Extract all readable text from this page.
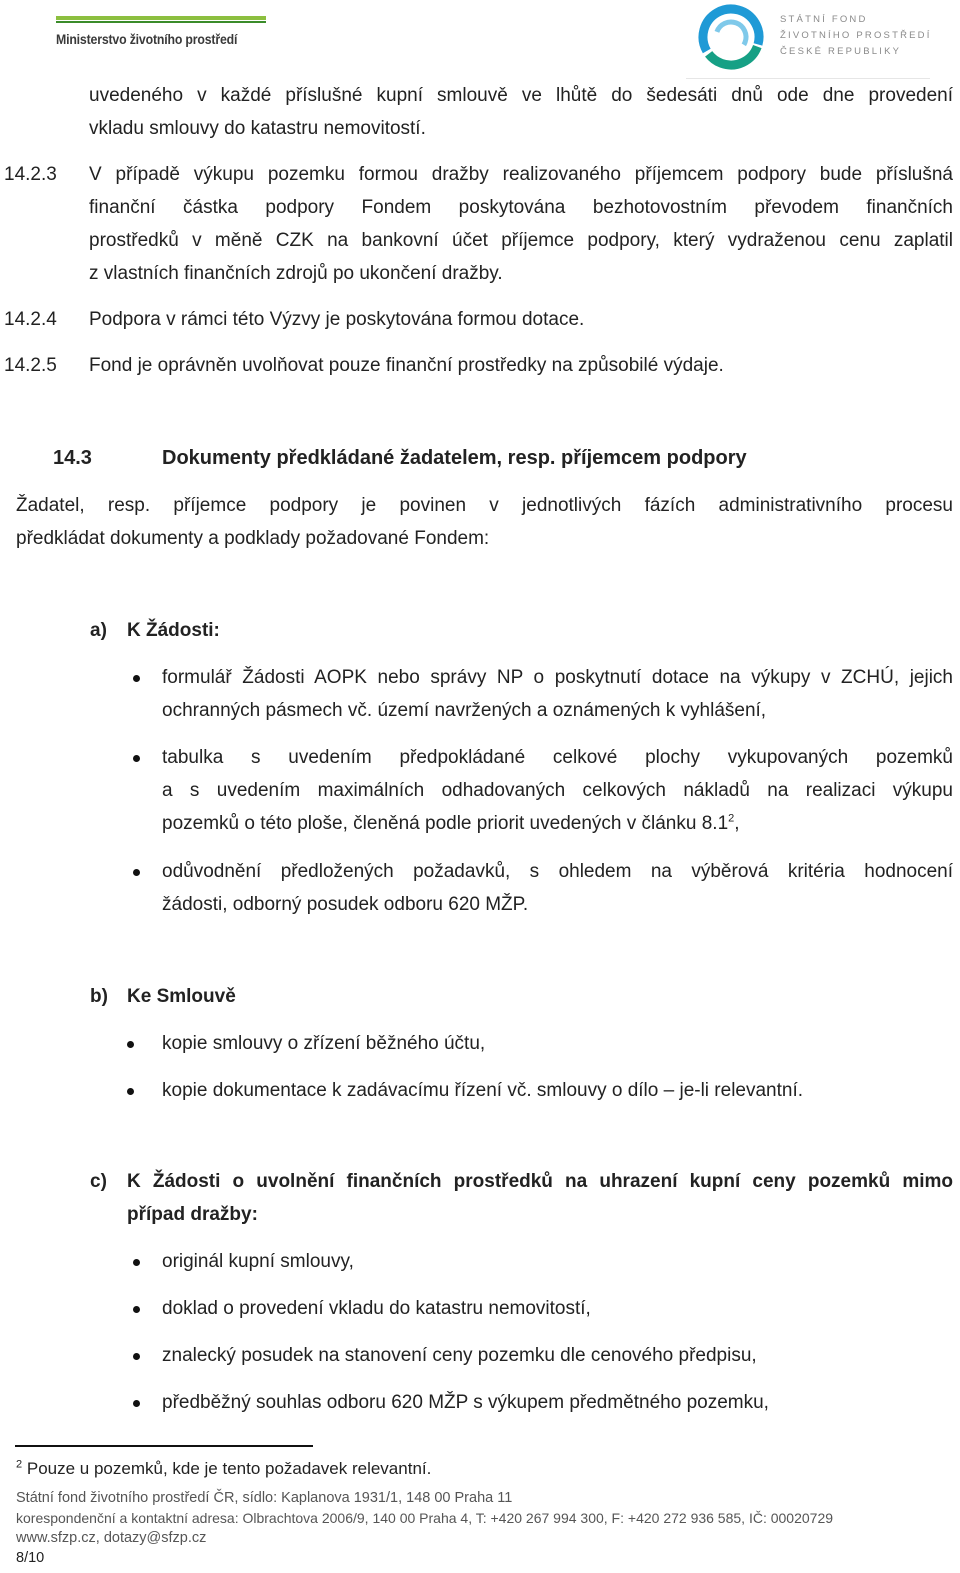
Ministerstvo životního prostředí
STÁTNÍ FOND
ŽIVOTNÍHO PROSTŘEDÍ
ČESKÉ REPUBLIKY
uvedeného v každé příslušné kupní smlouvě ve lhůtě do šedesáti dnů ode dne provedení
vkladu smlouvy do katastru nemovitostí.
14.2.3 V případě výkupu pozemku formou dražby realizovaného příjemcem podpory bude příslušná
finanční částka podpory Fondem poskytována bezhotovostním převodem finančních
prostředků v měně CZK na bankovní účet příjemce podpory, který vydraženou cenu zaplatil
z vlastních finančních zdrojů po ukončení dražby.
14.2.4 Podpora v rámci této Výzvy je poskytována formou dotace.
14.2.5 Fond je oprávněn uvolňovat pouze finanční prostředky na způsobilé výdaje.
14.3	Dokumenty předkládané žadatelem, resp. příjemcem podpory
Žadatel, resp. příjemce podpory je povinen v jednotlivých fázích administrativního procesu
předkládat dokumenty a podklady požadované Fondem:
a) K Žádosti:
formulář Žádosti AOPK nebo správy NP o poskytnutí dotace na výkupy v ZCHÚ, jejich
ochranných pásmech vč. území navržených a oznámených k vyhlášení,
tabulka s uvedením předpokládané celkové plochy vykupovaných pozemků
a s uvedením maximálních odhadovaných celkových nákladů na realizaci výkupu
pozemků o této ploše, členěná podle priorit uvedených v článku $8.1^2$,
odůvodnění předložených požadavků, s ohledem na výběrová kritéria hodnocení
žádosti, odborný posudek odboru 620 MŽP.
b) Ke Smlouvě
kopie smlouvy o zřízení běžného účtu,
kopie dokumentace k zadávacímu řízení vč. smlouvy o dílo – je-li relevantní.
c) K Žádosti o uvolnění finančních prostředků na uhrazení kupní ceny pozemků mimo
případ dražby:
originál kupní smlouvy,
doklad o provedení vkladu do katastru nemovitostí,
znalecký posudek na stanovení ceny pozemku dle cenového předpisu,
předběžný souhlas odboru 620 MŽP s výkupem předmětného pozemku,
$^2$ Pouze u pozemků, kde je tento požadavek relevantní.
Státní fond životního prostředí ČR, sídlo: Kaplanova 1931/1, 148 00 Praha 11
korespondenční a kontaktní adresa: Olbrachtova 2006/9, 140 00 Praha 4, T: +420 267 994 300, F: +420 272 936 585, IČ: 00020729
www.sfzp.cz, dotazy@sfzp.cz
8/10
